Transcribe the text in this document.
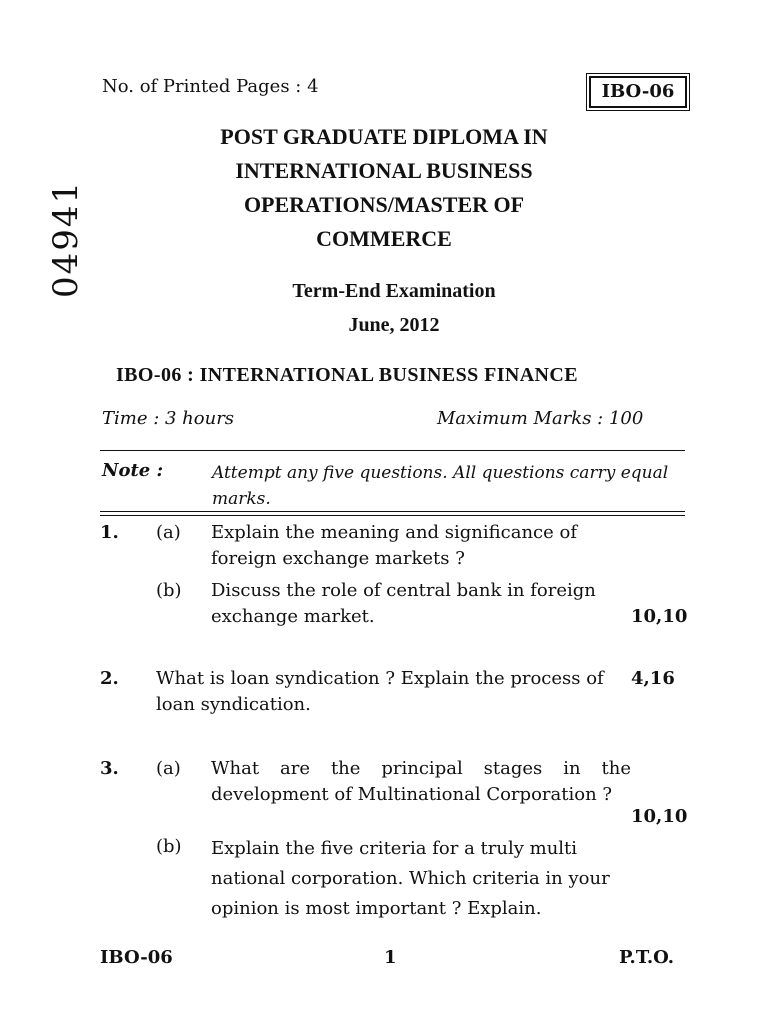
No. of Printed Pages : 4	IBO-06
04941
POST GRADUATE DIPLOMA IN
INTERNATIONAL BUSINESS
OPERATIONS/MASTER OF
COMMERCE
Term-End Examination
June, 2012
IBO-06 : INTERNATIONAL BUSINESS FINANCE
Time : 3 hours	Maximum Marks : 100
Note :	Attempt any five questions. All questions carry equal marks.
1. (a) Explain the meaning and significance of foreign exchange markets ?
(b) Discuss the role of central bank in foreign exchange market.	10,10
2. What is loan syndication ? Explain the process of loan syndication.
4,16
3. (a) What are the principal stages in the development of Multinational Corporation ?
10,10
(b) Explain the five criteria for a truly multi national corporation. Which criteria in your opinion is most important ? Explain.
IBO-06	1	P.T.O.
